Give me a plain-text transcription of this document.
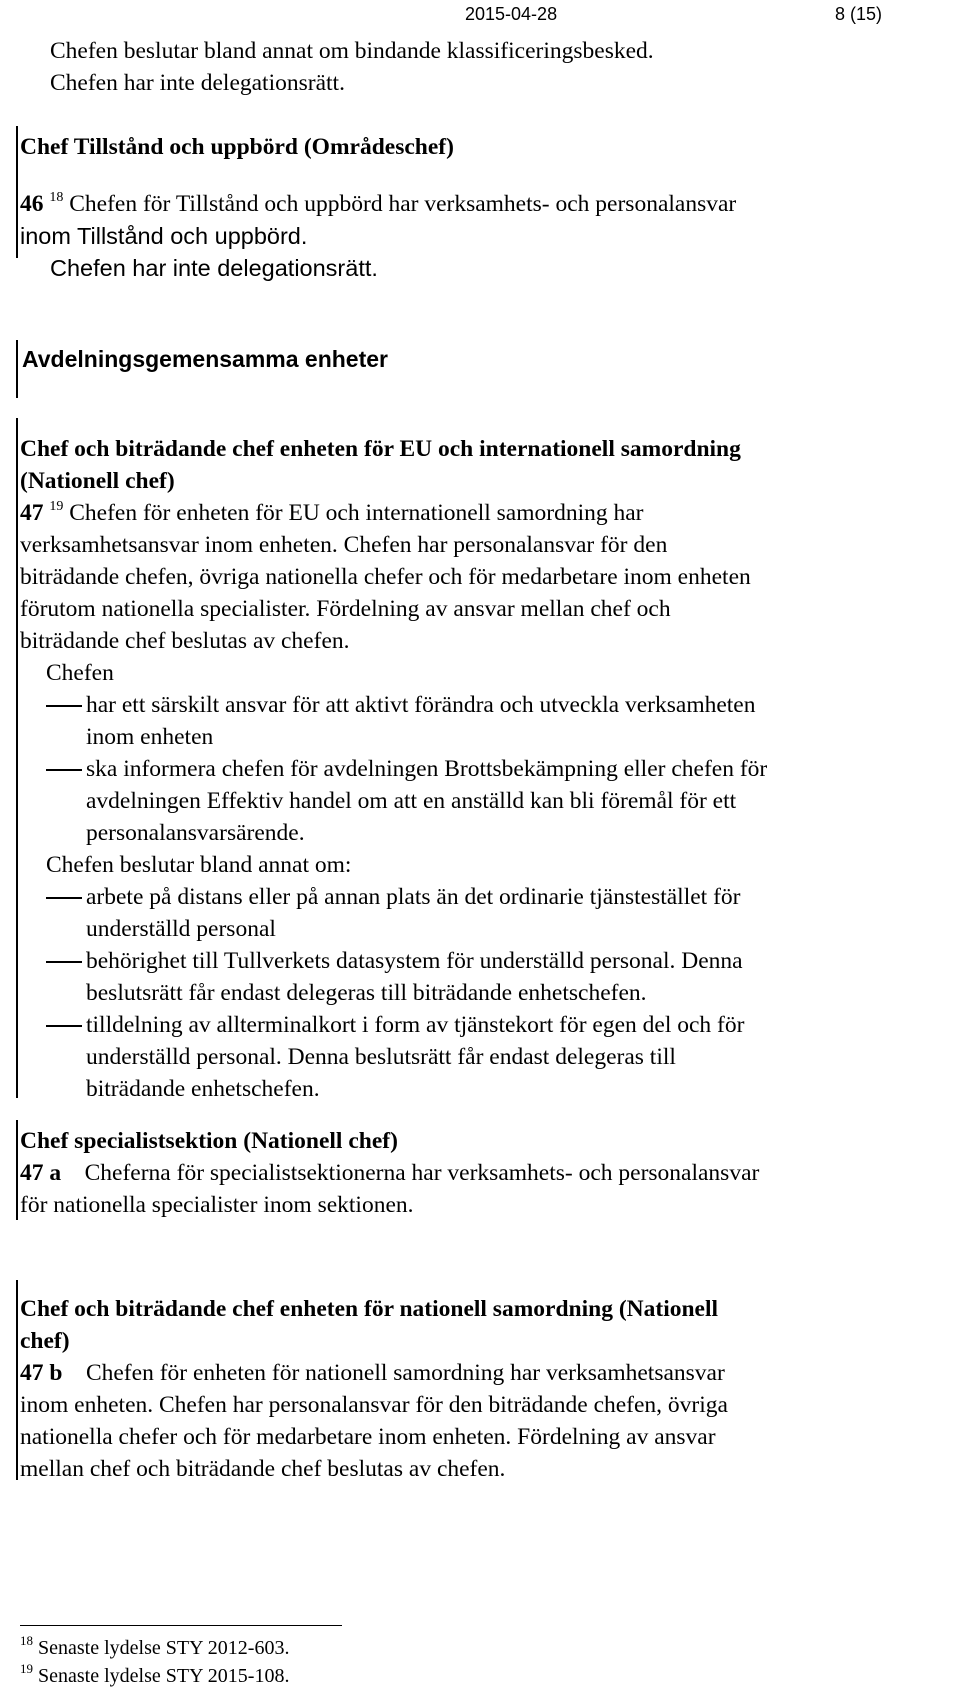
2015-04-28	8 (15)
Chefen beslutar bland annat om bindande klassificeringsbesked.
Chefen har inte delegationsrätt.
Chef Tillstånd och uppbörd (Områdeschef)
46 $^{18}$ Chefen för Tillstånd och uppbörd har verksamhets- och personalansvar
inom Tillstånd och uppbörd.
Chefen har inte delegationsrätt.
Avdelningsgemensamma enheter
Chef och biträdande chef enheten för EU och internationell samordning
(Nationell chef)
47 $^{19}$ Chefen för enheten för EU och internationell samordning har
verksamhetsansvar inom enheten. Chefen har personalansvar för den
biträdande chefen, övriga nationella chefer och för medarbetare inom enheten
förutom nationella specialister. Fördelning av ansvar mellan chef och
biträdande chef beslutas av chefen.
Chefen
har ett särskilt ansvar för att aktivt förändra och utveckla verksamheten
inom enheten
ska informera chefen för avdelningen Brottsbekämpning eller chefen för
avdelningen Effektiv handel om att en anställd kan bli föremål för ett
personalansvarsärende.
Chefen beslutar bland annat om:
arbete på distans eller på annan plats än det ordinarie tjänstestället för
underställd personal
behörighet till Tullverkets datasystem för underställd personal. Denna
beslutsrätt får endast delegeras till biträdande enhetschefen.
tilldelning av allterminalkort i form av tjänstekort för egen del och för
underställd personal. Denna beslutsrätt får endast delegeras till
biträdande enhetschefen.
Chef specialistsektion (Nationell chef)
47 a Cheferna för specialistsektionerna har verksamhets- och personalansvar
för nationella specialister inom sektionen.
Chef och biträdande chef enheten för nationell samordning (Nationell
chef)
47 b Chefen för enheten för nationell samordning har verksamhetsansvar
inom enheten. Chefen har personalansvar för den biträdande chefen, övriga
nationella chefer och för medarbetare inom enheten. Fördelning av ansvar
mellan chef och biträdande chef beslutas av chefen.
$^{18}$ Senaste lydelse STY 2012-603.
$^{19}$ Senaste lydelse STY 2015-108.
